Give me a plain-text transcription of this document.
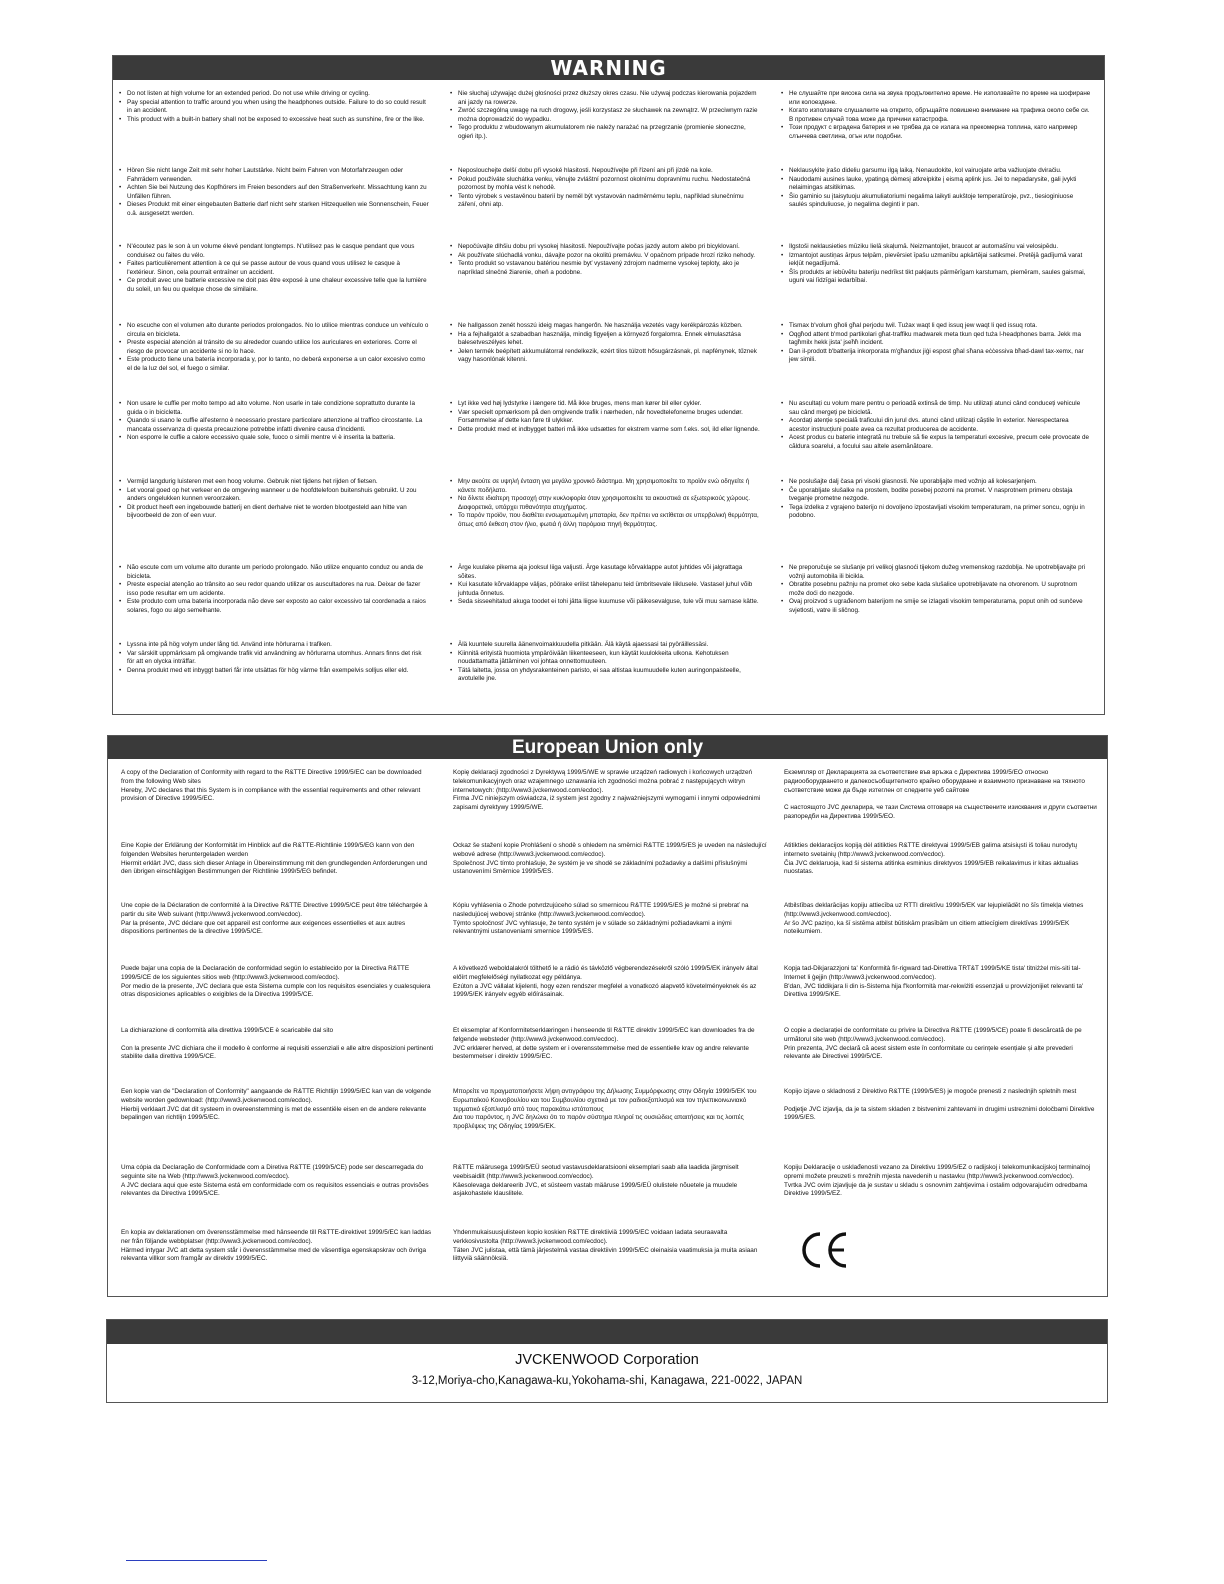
WARNING
• Do not listen at high volume for an extended period. Do not use while driving or cycling.
• Pay special attention to traffic around you when using the headphones outside. Failure to do so could result in an accident.
• This product with a built-in battery shall not be exposed to excessive heat such as sunshine, fire or the like.
• Hören Sie nicht lange Zeit mit sehr hoher Lautstärke. Nicht beim Fahren von Motorfahrzeugen oder Fahrrädern verwenden.
• Achten Sie bei Nutzung des Kopfhörers im Freien besonders auf den Straßenverkehr. Missachtung kann zu Unfällen führen.
• Dieses Produkt mit einer eingebauten Batterie darf nicht sehr starken Hitzequellen wie Sonnenschein, Feuer o.ä. ausgesetzt werden.
• N'écoutez pas le son à un volume élevé pendant longtemps. N'utilisez pas le casque pendant que vous conduisez ou faites du vélo.
• Faites particulièrement attention à ce qui se passe autour de vous quand vous utilisez le casque à l'extérieur. Sinon, cela pourrait entraîner un accident.
• Ce produit avec une batterie excessive ne doit pas être exposé à une chaleur excessive telle que la lumière du soleil, un feu ou quelque chose de similaire.
• No escuche con el volumen alto durante periodos prolongados. No lo utilice mientras conduce un vehículo o circula en bicicleta.
• Preste especial atención al tránsito de su alrededor cuando utilice los auriculares en exteriores. Corre el riesgo de provocar un accidente si no lo hace.
• Este producto tiene una batería incorporada y, por lo tanto, no deberá exponerse a un calor excesivo como el de la luz del sol, el fuego o similar.
• Non usare le cuffie per molto tempo ad alto volume. Non usarle in tale condizione soprattutto durante la guida o in bicicletta.
• Quando si usano le cuffie all'esterno è necessario prestare particolare attenzione al traffico circostante. La mancata osservanza di questa precauzione potrebbe infatti divenire causa d'incidenti.
• Non esporre le cuffie a calore eccessivo quale sole, fuoco o simili mentre vi è inserita la batteria.
• Vermijd langdurig luisteren met een hoog volume. Gebruik niet tijdens het rijden of fietsen.
• Let vooral goed op het verkeer en de omgeving wanneer u de hoofdtelefoon buitenshuis gebruikt. U zou anders ongelukken kunnen veroorzaken.
• Dit product heeft een ingebouwde batterij en dient derhalve niet te worden blootgesteld aan hitte van bijvoorbeeld de zon of een vuur.
• Não escute com um volume alto durante um período prolongado. Não utilize enquanto conduz ou anda de bicicleta.
• Preste especial atenção ao trânsito ao seu redor quando utilizar os auscultadores na rua. Deixar de fazer isso pode resultar em um acidente.
• Este produto com uma bateria incorporada não deve ser exposto ao calor excessivo tal coordenada a raios solares, fogo ou algo semelhante.
• Lyssna inte på hög volym under lång tid. Använd inte hörlurarna i trafiken.
• Var särskilt uppmärksam på omgivande trafik vid användning av hörlurarna utomhus. Annars finns det risk för att en olycka inträffar.
• Denna produkt med ett inbyggt batteri får inte utsättas för hög värme från exempelvis solljus eller eld.
• Nie słuchaj używając dużej głośności przez dłuższy okres czasu. Nie używaj podczas kierowania pojazdem ani jazdy na rowerze.
• Zwróć szczególną uwagę na ruch drogowy, jeśli korzystasz ze słuchawek na zewnątrz. W przeciwnym razie można doprowadzić do wypadku.
• Tego produktu z wbudowanym akumulatorem nie należy narażać na przegrzanie (promienie słoneczne, ogień itp.).
• Neposlouchejte delší dobu při vysoké hlasitosti. Nepoužívejte při řízení ani při jízdě na kole.
• Pokud používáte sluchátka venku, věnujte zvláštní pozornost okolnímu dopravnímu ruchu. Nedostatečná pozornost by mohla vést k nehodě.
• Tento výrobek s vestavěnou baterií by neměl být vystavován nadměrnému teplu, například slunečnímu záření, ohni atp.
• Nepočúvajte dlhšiu dobu pri vysokej hlasitosti. Nepoužívajte počas jazdy autom alebo pri bicyklovaní.
• Ak používate slúchadlá vonku, dávajte pozor na okolitú premávku. V opačnom prípade hrozí riziko nehody.
• Tento produkt so vstavanou batériou nesmie byť vystavený zdrojom nadmerne vysokej teploty, ako je napríklad slnečné žiarenie, oheň a podobne.
• Ne hallgasson zenét hosszú ideig magas hangerőn. Ne használja vezetés vagy kerékpározás közben.
• Ha a fejhallgatót a szabadban használja, mindig figyeljen a környező forgalomra. Ennek elmulasztása balesetveszélyes lehet.
• Jelen termék beépített akkumulátorral rendelkezik, ezért tilos túlzott hősugárzásnak, pl. napfénynek, tűznek vagy hasonlónak kitenni.
• Lyt ikke ved høj lydstyrke i længere tid. Må ikke bruges, mens man kører bil eller cykler.
• Vær specielt opmærksom på den omgivende trafik i nærheden, når hovedtelefonerne bruges udendør. Forsømmelse af dette kan føre til ulykker.
• Dette produkt med et indbygget batteri må ikke udsættes for ekstrem varme som f.eks. sol, ild eller lignende.
• Μην ακούτε σε υψηλή ένταση για μεγάλο χρονικό διάστημα. Μη χρησιμοποιείτε το προϊόν ενώ οδηγείτε ή κάνετε ποδήλατο.
• Να δίνετε ιδιαίτερη προσοχή στην κυκλοφορία όταν χρησιμοποιείτε τα ακουστικά σε εξωτερικούς χώρους. Διαφορετικά, υπάρχει πιθανότητα ατυχήματος.
• Το παρόν προϊόν, που διαθέτει ενσωματωμένη μπαταρία, δεν πρέπει να εκτίθεται σε υπερβολική θερμότητα, όπως από έκθεση στον ήλιο, φωτιά ή άλλη παρόμοια πηγή θερμότητας.
• Ärge kuulake pikema aja jooksul liiga valjusti. Ärge kasutage kõrvaklappe autot juhtides või jalgrattaga sõites.
• Kui kasutate kõrvaklappe väljas, pöörake erilist tähelepanu teid ümbritsevale liiklusele. Vastasel juhul võib juhtuda õnnetus.
• Seda sisseehitatud akuga toodet ei tohi jätta liigse kuumuse või päikesevalguse, tule või muu sarnase kätte.
• Älä kuuntele suurella äänenvoimakkuudella pitkään. Älä käytä ajaessasi tai pyöräillessäsi.
• Kiinnitä erityistä huomiota ympäröivään liikenteeseen, kun käytät kuulokkeita ulkona. Kehotuksen noudattamatta jättäminen voi johtaa onnettomuuteen.
• Tätä laitetta, jossa on yhdysrakenteinen paristo, ei saa altistaa kuumuudelle kuten auringonpaisteelle, avotulelle jne.
• Не слушайте при висока сила на звука продължително време. Не използвайте по време на шофиране или колоездене.
• Когато използвате слушалките на открито, обръщайте повишено внимание на трафика около себе си. В противен случай това може да причини катастрофа.
• Този продукт с вградена батерия и не трябва да се излага на прекомерна топлина, като например слънчева светлина, огън или подобни.
• Neklausykite įrašo dideliu garsumu ilgą laiką. Nenaudokite, kol vairuojate arba važiuojate dviračiu.
• Naudodami ausines lauke, ypatingą dėmesį atkreipkite į eismą aplink jus. Jei to nepadarysite, gali įvykti nelaimingas atsitikimas.
• Šio gaminio su įtaisytuoju akumuliatoriumi negalima laikyti aukštoje temperatūroje, pvz., tiesioginiuose saulės spinduliuose, jo negalima deginti ir pan.
• Ilgstoši neklausieties mūziku lielā skaļumā. Neizmantojiet, braucot ar automašīnu vai velosipēdu.
• Izmantojot austiņas ārpus telpām, pievērsiet īpašu uzmanību apkārtējai satiksmei. Pretējā gadījumā varat iekļūt negadījumā.
• Šīs produkts ar iebūvētu bateriju nedrīkst tikt pakļauts pārmērīgam karstumam, piemēram, saules gaismai, uguni vai līdzīgai iedarbībai.
• Tismax b'volum għoli għal perjodu twil. Tużax waqt li qed issuq jew waqt li qed issuq rota.
• Oqgħod attent b'mod partikolari għat-traffiku madwarek meta tkun qed tuża l-headphones barra. Jekk ma tagħmilx hekk jista' jseħħ incident.
• Dan il-prodott b'batterija inkorporata m'għandux jiġi espost għal sħana eċċessiva bħad-dawl tax-xemx, nar jew simili.
• Nu ascultați cu volum mare pentru o perioadă extinsă de timp. Nu utilizați atunci când conduceți vehicule sau când mergeți pe bicicletă.
• Acordați atenție specială traficului din jurul dvs. atunci când utilizați căștile în exterior. Nerespectarea acestor instrucțiuni poate avea ca rezultat producerea de accidente.
• Acest produs cu baterie integrată nu trebuie să fie expus la temperaturi excesive, precum cele provocate de căldura soarelui, a focului sau altele asemănătoare.
• Ne poslušajte dalj časa pri visoki glasnosti. Ne uporabljajte med vožnjo ali kolesarjenjem.
• Če uporabljate slušalke na prostem, bodite posebej pozorni na promet. V nasprotnem primeru obstaja tveganje prometne nezgode.
• Tega izdelka z vgrajeno baterijo ni dovoljeno izpostavljati visokim temperaturam, na primer soncu, ognju in podobno.
• Ne preporučuje se slušanje pri velikoj glasnoći tijekom dužeg vremenskog razdoblja. Ne upotrebljavajte pri vožnji automobila ili bicikla.
• Obratite posebnu pažnju na promet oko sebe kada slušalice upotrebljavate na otvorenom. U suprotnom može doći do nezgode.
• Ovaj proizvod s ugrađenom baterijom ne smije se izlagati visokim temperaturama, poput onih od sunčeve svjetlosti, vatre ili sličnog.
European Union only

A copy of the Declaration of Conformity with regard to the R&TTE Directive 1999/5/EC can be downloaded from the following Web sites
Hereby, JVC declares that this System is in compliance with the essential requirements and other relevant provision of Directive 1999/5/EC.

Eine Kopie der Erklärung der Konformität im Hinblick auf die R&TTE-Richtlinie 1999/5/EG kann von den folgenden Websites heruntergeladen werden
Hiermit erklärt JVC, dass sich dieser Anlage in Übereinstimmung mit den grundlegenden Anforderungen und den übrigen einschlägigen Bestimmungen der Richtlinie 1999/5/EG befindet.

Une copie de la Déclaration de conformité à la Directive R&TTE Directive 1999/5/CE peut être téléchargée à partir du site Web suivant (http://www3.jvckenwood.com/ecdoc).
Par la présente, JVC déclare que cet appareil est conforme aux exigences essentielles et aux autres dispositions pertinentes de la directive 1999/5/CE.

Puede bajar una copia de la Declaración de conformidad según lo establecido por la Directiva R&TTE 1999/5/CE de los siguientes sitios web (http://www3.jvckenwood.com/ecdoc).
Por medio de la presente, JVC declara que esta Sistema cumple con los requisitos esenciales y cualesquiera otras disposiciones aplicables o exigibles de la Directiva 1999/5/CE.

La dichiarazione di conformità alla direttiva 1999/5/CE è scaricabile dal sito

Con la presente JVC dichiara che il modello è conforme ai requisiti essenziali e alle altre disposizioni pertinenti stabilite dalla direttiva 1999/5/CE.

Een kopie van de "Declaration of Conformity" aangaande de R&TTE Richtlijn 1999/5/EC kan van de volgende website worden gedownload: (http://www3.jvckenwood.com/ecdoc).
Hierbij verklaart JVC dat dit systeem in overeenstemming is met de essentiële eisen en de andere relevante bepalingen van richtlijn 1999/5/EC.

Uma cópia da Declaração de Conformidade com a Diretiva R&TTE (1999/5/CE) pode ser descarregada do seguinte site na Web (http://www3.jvckenwood.com/ecdoc).
A JVC declara aqui que este Sistema está em conformidade com os requisitos essenciais e outras provisões relevantes da Directiva 1999/5/CE.

En kopia av deklarationen om överensstämmelse med hänseende till R&TTE-direktivet 1999/5/EC kan laddas ner från följande webbplatser (http://www3.jvckenwood.com/ecdoc).
Härmed intygar JVC att detta system står i överensstämmelse med de väsentliga egenskapskrav och övriga relevanta villkor som framgår av direktiv 1999/5/EC.

Kopię deklaracji zgodności z Dyrektywą 1999/5/WE w sprawie urządzeń radiowych i końcowych urządzeń telekomunikacyjnych oraz wzajemnego uznawania ich zgodności można pobrać z następujących witryn internetowych: (http://www3.jvckenwood.com/ecdoc).
Firma JVC niniejszym oświadcza, iż system jest zgodny z najważniejszymi wymogami i innymi odpowiednimi zapisami dyrektywy 1999/5/WE.

Ockaz še stažení kopie Prohlášení o shodě s ohledem na směrnici R&TTE 1999/5/ES je uveden na následující webové adrese (http://www3.jvckenwood.com/ecdoc).
Společnost JVC tímto prohlašuje, že systém je ve shodě se základními požadavky a dalšími příslušnými ustanoveními Směrnice 1999/5/ES.

Kópiu vyhlásenia o Zhode potvrdzujúceho súlad so smernicou R&TTE 1999/5/ES je možné si prebrať na nasledujúcej webovej stránke (http://www3.jvckenwood.com/ecdoc).
Týmto spoločnosť JVC vyhlasuje, že tento systém je v súlade so základnými požiadavkami a inými relevantnými ustanoveniami smernice 1999/5/ES.

A következő weboldalakról tölthető le a rádió és távközlő végberendezésekről szóló 1999/5/EK irányelv által előírt megfelelőségi nyilatkozat egy példánya.
Ezúton a JVC vállalat kijelenti, hogy ezen rendszer megfelel a vonatkozó alapvető követelményeknek és az 1999/5/EK irányelv egyéb előírásainak.

Et eksemplar af Konformitetserklæringen i henseende til R&TTE direktiv 1999/5/EC kan downloades fra de følgende websteder (http://www3.jvckenwood.com/ecdoc).
JVC erklærer herved, at dette system er i overensstemmelse med de essentielle krav og andre relevante bestemmelser i direktiv 1999/5/EC.

Μπορείτε να πραγματοποιήσετε λήψη αντιγράφου της Δήλωσης Συμμόρφωσης στην Οδηγία 1999/5/ΕΚ του Ευρωπαϊκού Κοινοβουλίου και του Συμβουλίου σχετικά με τον ραδιοεξοπλισμό και τον τηλεπικοινωνιακό τερματικό εξοπλισμό από τους παρακάτω ιστότοπους
Δια του παρόντος, η JVC δηλώνει ότι το παρόν σύστημα πληροί τις ουσιώδεις απαιτήσεις και τις λοιπές προβλέψεις της Οδηγίας 1999/5/ΕΚ.

R&TTE määrusega 1999/5/EÜ seotud vastavusdeklaratsiooni eksemplari saab alla laadida järgmiselt veebisaidilt (http://www3.jvckenwood.com/ecdoc).
Käesolevaga deklareerib JVC, et süsteem vastab määruse 1999/5/EÜ olulistele nõuetele ja muudele asjakohastele klauslitele.

Yhdenmukaisuusjulisteen kopio koskien R&TTE direktiiviä 1999/5/EC voidaan ladata seuraavalta verkkosivustolta (http://www3.jvckenwood.com/ecdoc).
Täten JVC julistaa, että tämä järjestelmä vastaa direktiivin 1999/5/EC oleinaisia vaatimuksia ja muita asiaan liittyviä säännöksiä.

Екземпляр от Декларацията за съответствие във връзка с Директива 1999/5/ЕО относно радиооборудването и далекосъобщителното крайно оборудване и взаимното признаване на тяхното съответствие може да бъде изтеглен от следните уеб сайтове

С настоящото JVC декларира, че тази Система отговаря на съществените изисквания и други съответни разпоредби на Директива 1999/5/ЕО.

Atitikties deklaracijos kopiją dėl atitikties R&TTE direktyvai 1999/5/EB galima atsisiųsti iš toliau nurodytų interneto svetainių (http://www3.jvckenwood.com/ecdoc).
Čia JVC deklaruoja, kad ši sistema atitinka esminius direktyvos 1999/5/EB reikalavimus ir kitas aktualias nuostatas.

Atbilstības deklarācijas kopiju attiecība uz RTTI direktīvu 1999/5/EK var lejupielādēt no šīs tīmekļa vietnes (http://www3.jvckenwood.com/ecdoc).
Ar šo JVC paziņo, ka šī sistēma atbilst būtiskām prasībām un citiem attiecīgiem direktīvas 1999/5/EK noteikumiem.

Kopja tad-Dikjarazzjoni ta' Konformità fir-rigward tad-Direttiva TRT&T 1999/5/KE tista' titniżżel mis-siti tal-Internet li ġejjin (http://www3.jvckenwood.com/ecdoc).
B'dan, JVC tiddikjara li din is-Sistema hija f'konformità mar-rekwiżiti essenzjali u provvizjonijiet relevanti ta' Direttiva 1999/5/KE.

O copie a declarației de conformitate cu privire la Directiva R&TTE (1999/5/CE) poate fi descărcată de pe următorul site web (http://www3.jvckenwood.com/ecdoc).
Prin prezenta, JVC declară că acest sistem este în conformitate cu cerințele esențiale și alte prevederi relevante ale Directivei 1999/5/CE.

Kopijo izjave o skladnosti z Direktivo R&TTE (1999/5/ES) je mogoče prenesti z naslednjih spletnih mest

Podjetje JVC izjavlja, da je ta sistem skladen z bistvenimi zahtevami in drugimi ustreznimi določbami Direktive 1999/5/ES.

Kopiju Deklaracije o usklađenosti vezano za Direktivu 1999/5/EZ o radijskoj i telekomunikacijskoj terminalnoj opremi možete preuzeti s mrežnih mjesta navedenih u nastavku (http://www3.jvckenwood.com/ecdoc).
Tvrtka JVC ovim izjavljuje da je sustav u skladu s osnovnim zahtjevima i ostalim odgovarajućim odredbama Direktive 1999/5/EZ.

JVCKENWOOD Corporation
3-12,Moriya-cho,Kanagawa-ku,Yokohama-shi, Kanagawa, 221-0022, JAPAN
